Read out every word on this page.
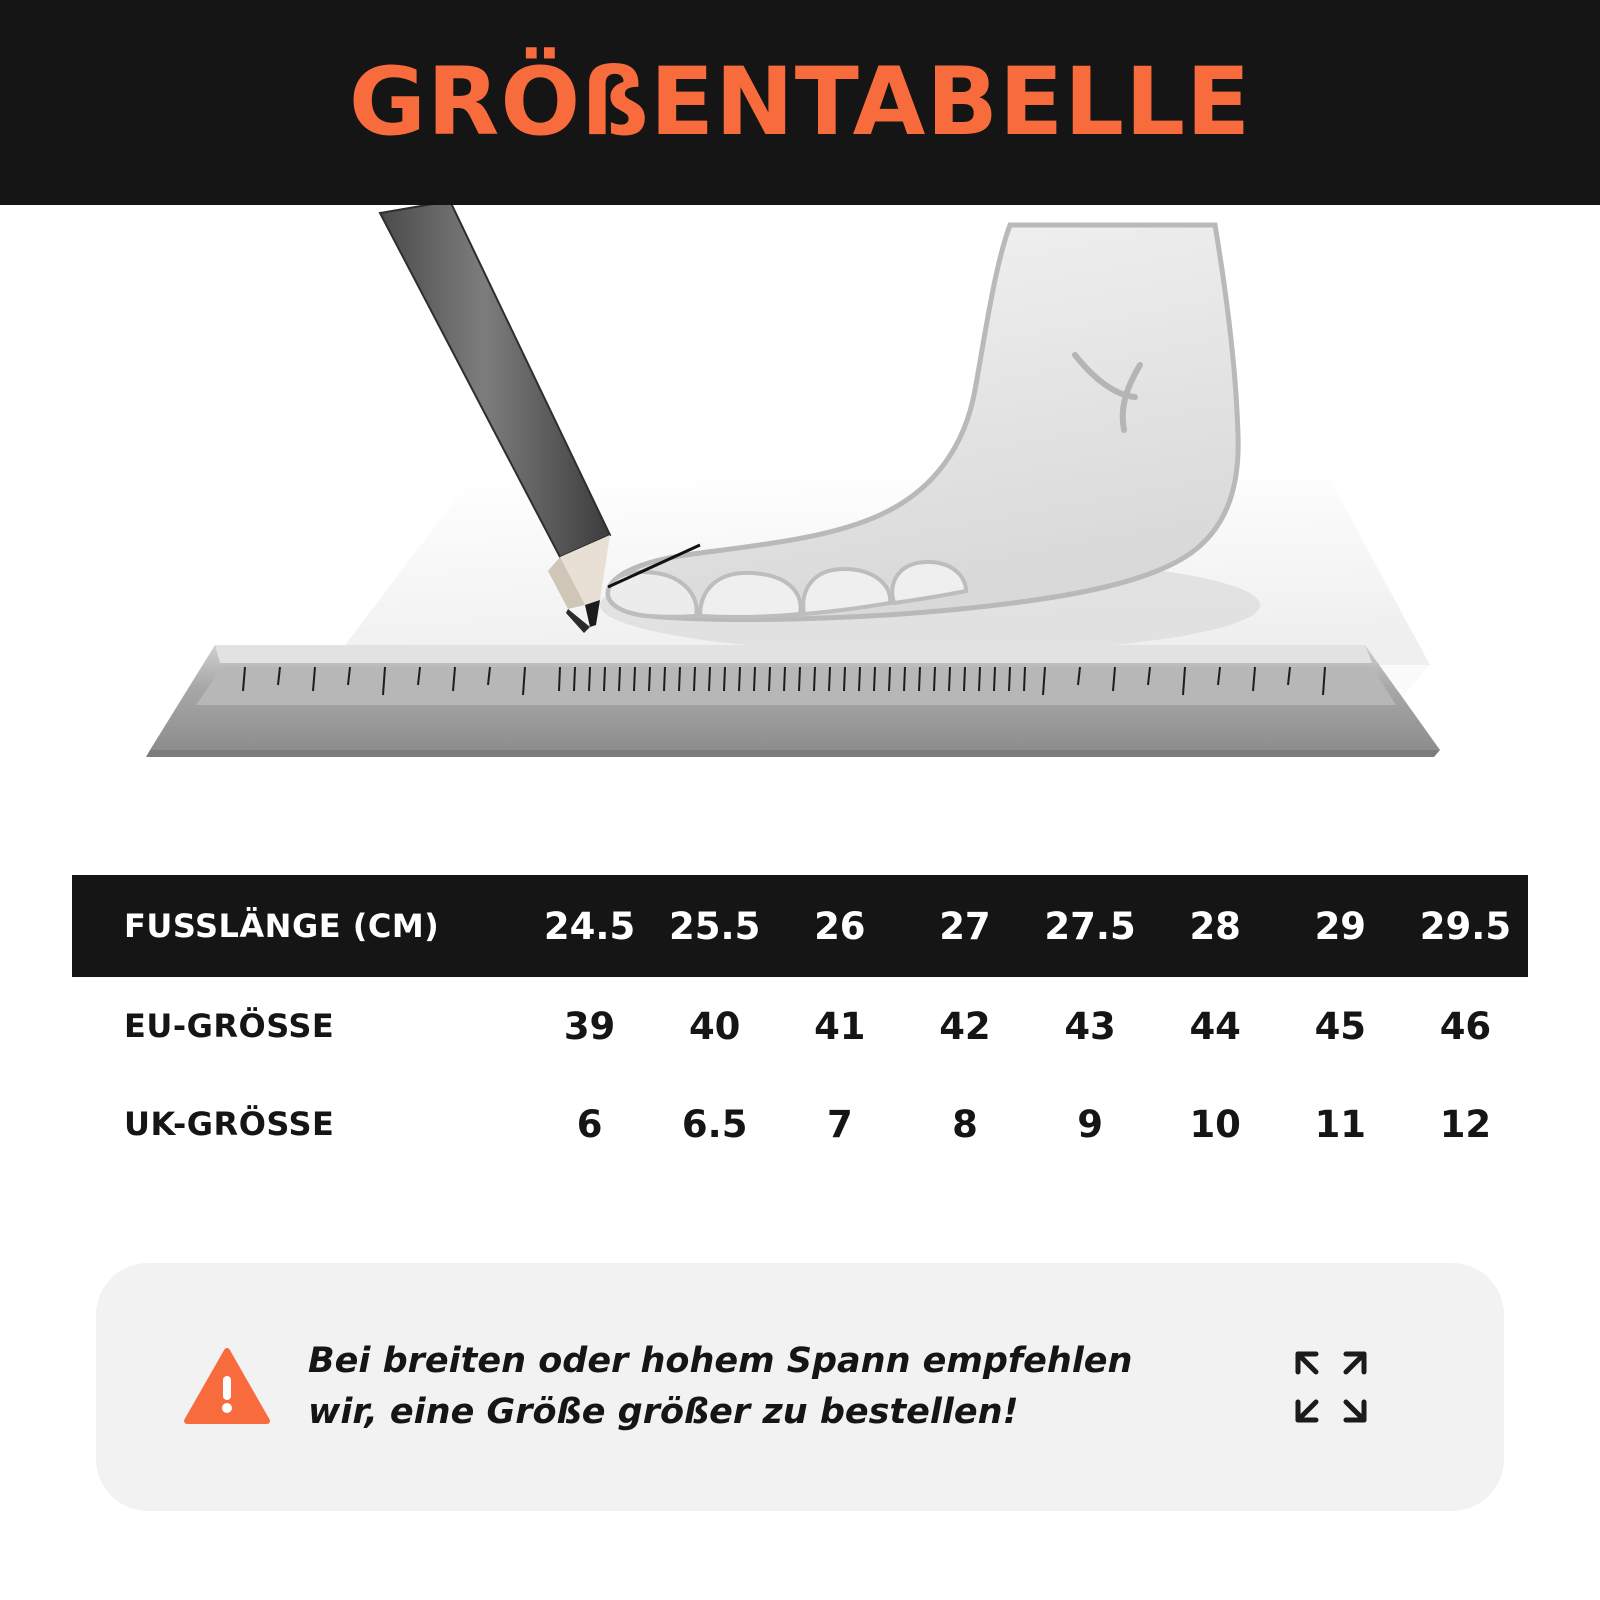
GRÖßENTABELLE
FUSSLÄNGE (CM)	24.5 25.5	26	27	27.5	28	29	29.5
EU-GRÖSSE	39	40	41	42	43	44	45	46
UK-GRÖSSE	6	6.5	7	8	9	10	11	12
Bei breiten oder hohem Spann empfehlen
wir, eine Größe größer zu bestellen!
